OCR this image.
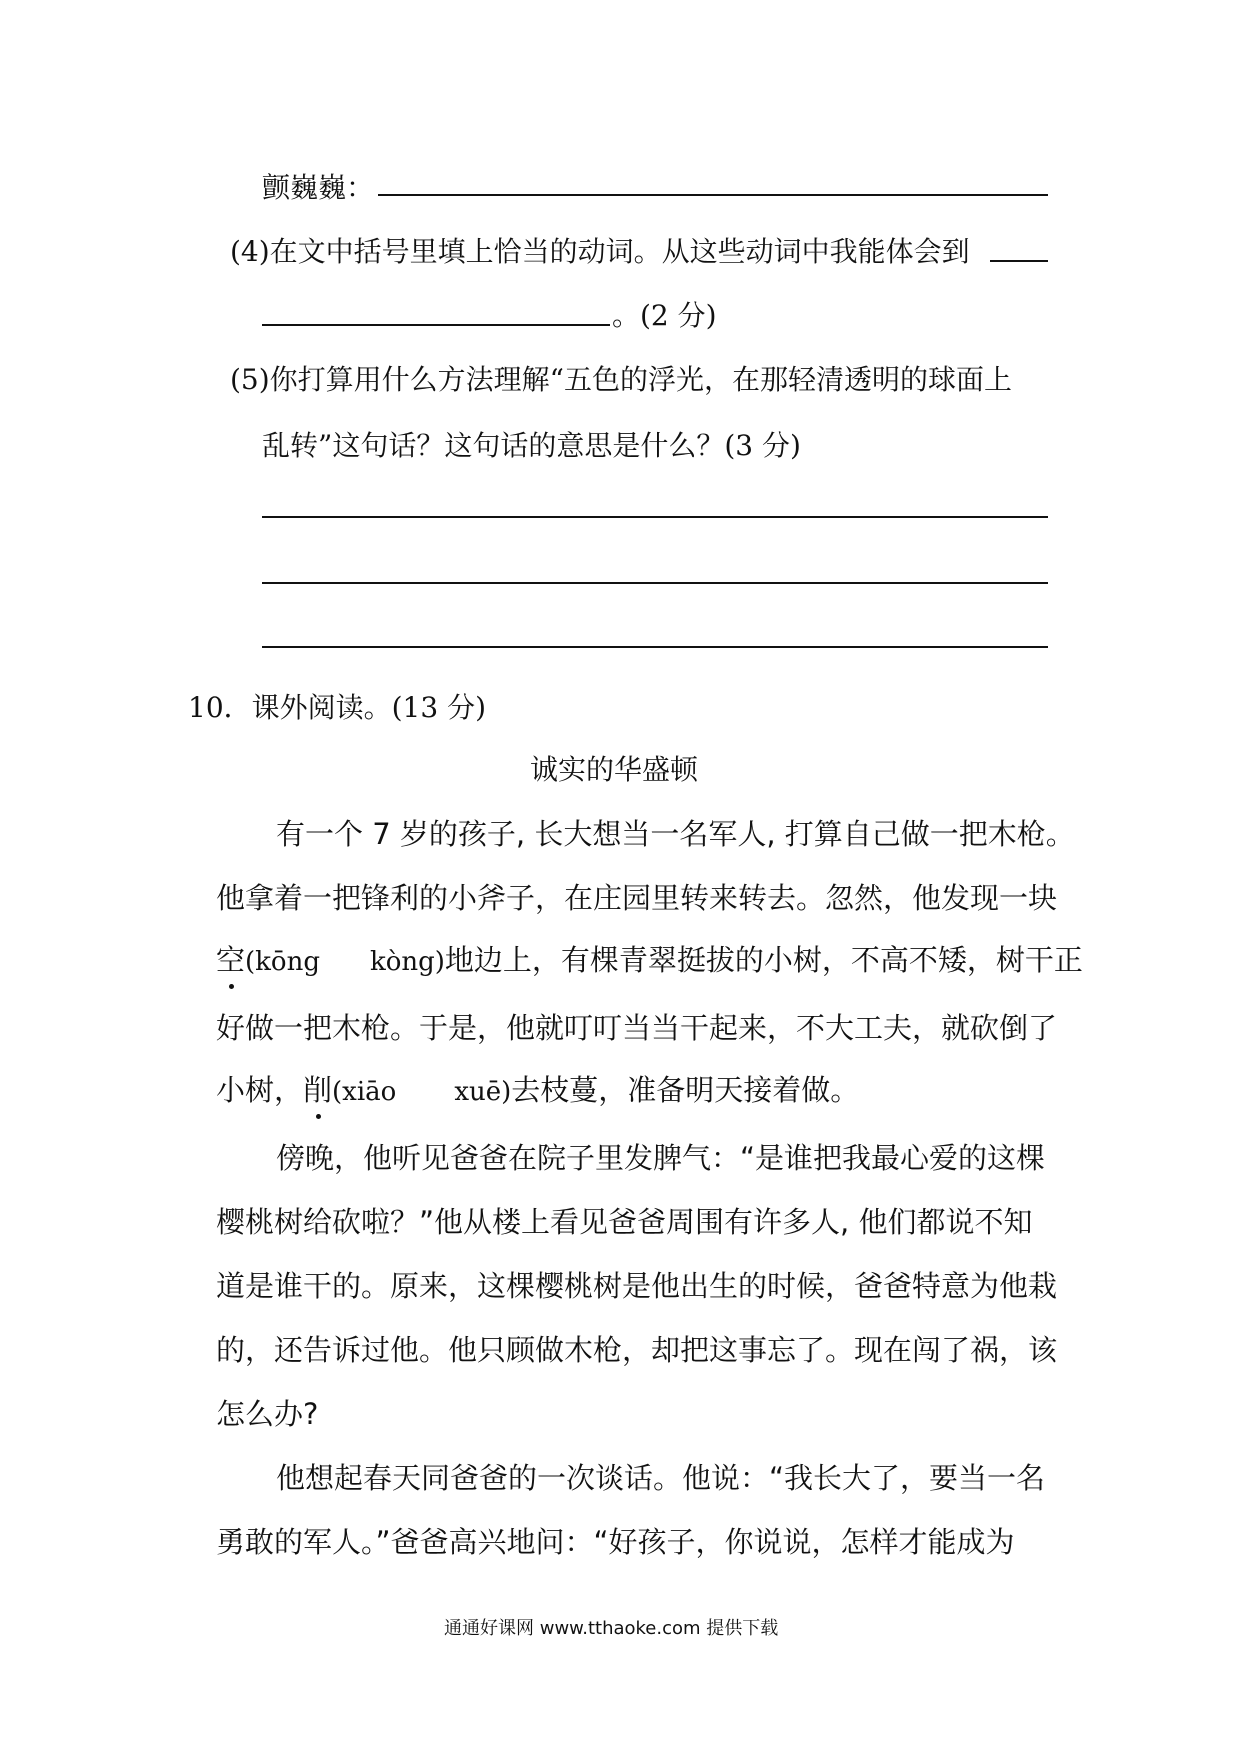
颤巍巍：
(4)在文中括号里填上恰当的动词。从这些动词中我能体会到
。(2 分)
(5)你打算用什么方法理解“五色的浮光，在那轻清透明的球面上
乱转”这句话？这句话的意思是什么？(3 分)
10．课外阅读。(13 分)
诚实的华盛顿
有一个 7 岁的孩子, 长大想当一名军人, 打算自己做一把木枪。
他拿着一把锋利的小斧子，在庄园里转来转去。忽然，他发现一块
空(kōng kòng)地边上，有棵青翠挺拔的小树，不高不矮，树干正
好做一把木枪。于是，他就叮叮当当干起来，不大工夫，就砍倒了
小树，削(xiāo xuē)去枝蔓，准备明天接着做。
傍晚，他听见爸爸在院子里发脾气：“是谁把我最心爱的这棵
樱桃树给砍啦？”他从楼上看见爸爸周围有许多人, 他们都说不知
道是谁干的。原来，这棵樱桃树是他出生的时候，爸爸特意为他栽
的，还告诉过他。他只顾做木枪，却把这事忘了。现在闯了祸，该
怎么办?
他想起春天同爸爸的一次谈话。他说：“我长大了，要当一名
勇敢的军人。”爸爸高兴地问：“好孩子，你说说，怎样才能成为
通通好课网 www.tthaoke.com 提供下载
